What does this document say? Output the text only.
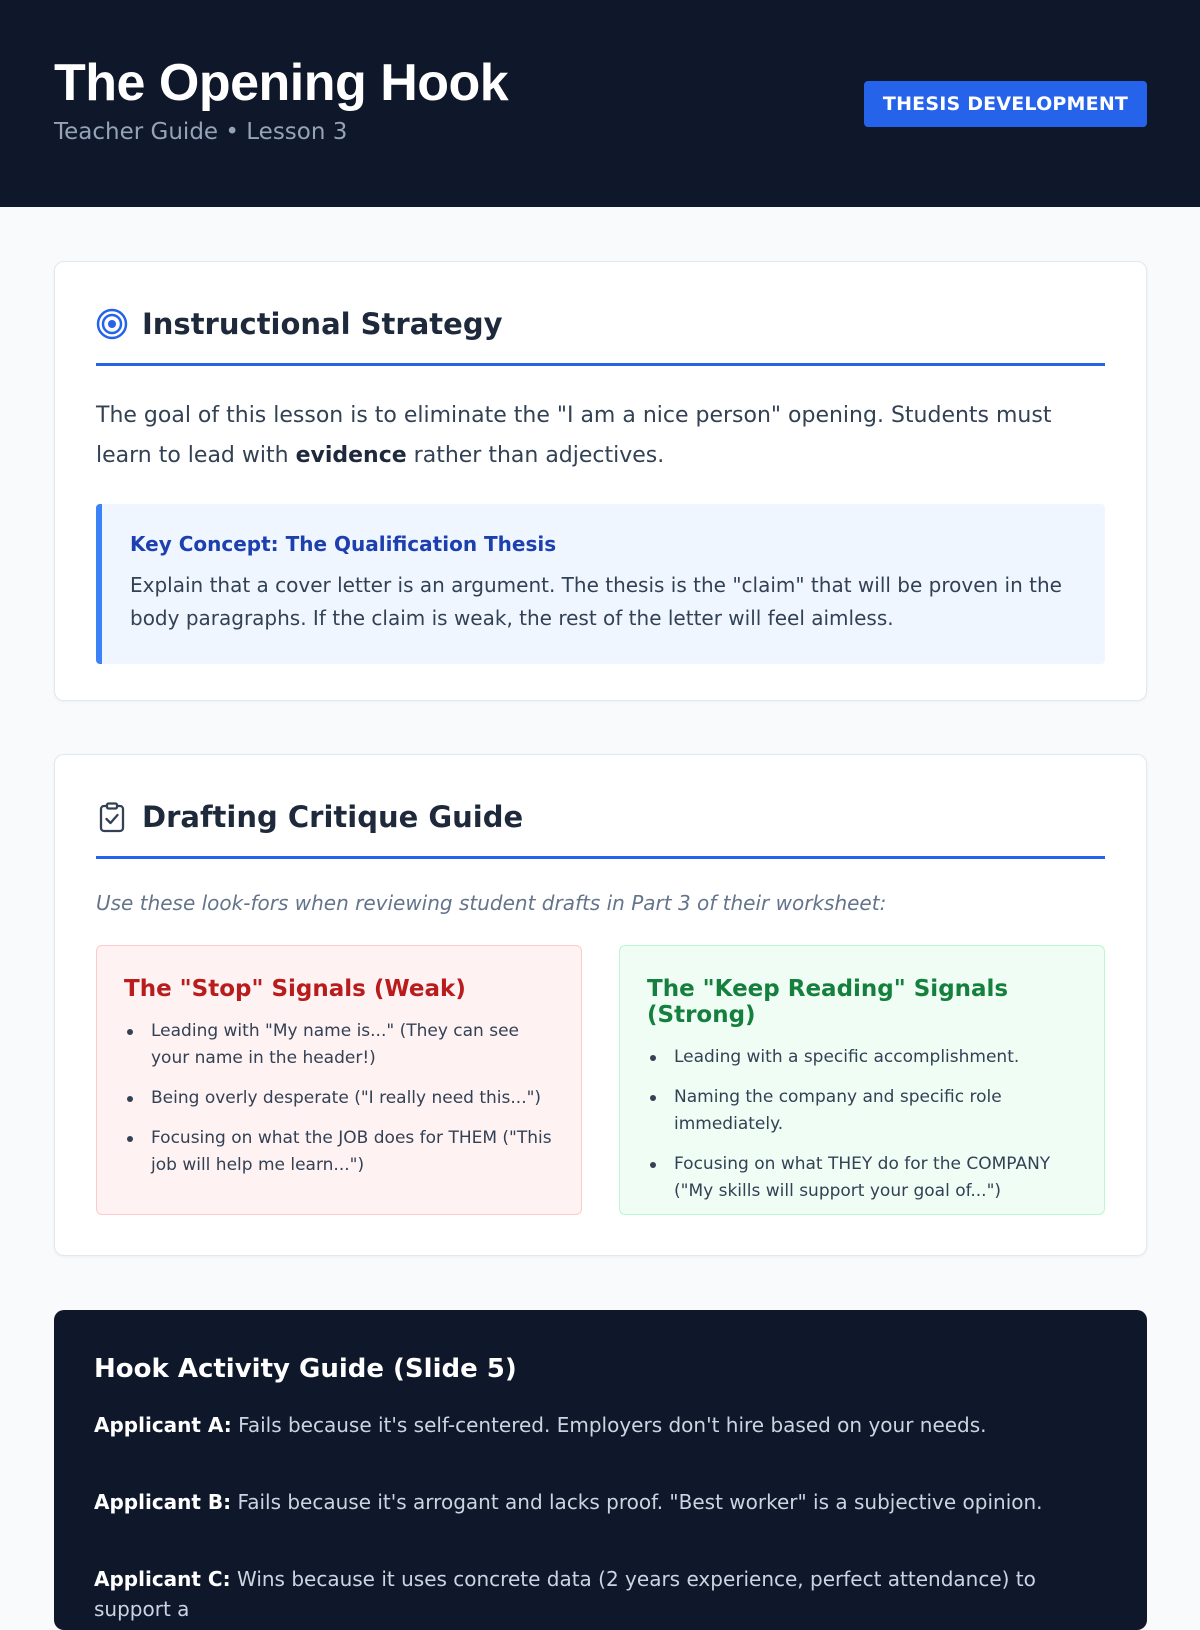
The Opening Hook
Teacher Guide • Lesson 3
THESIS DEVELOPMENT
Instructional Strategy

The goal of this lesson is to eliminate the "I am a nice person" opening. Students must learn to lead with evidence rather than adjectives.

Key Concept: The Qualification Thesis
Explain that a cover letter is an argument. The thesis is the "claim" that will be proven in the body paragraphs. If the claim is weak, the rest of the letter will feel aimless.
Drafting Critique Guide

Use these look-fors when reviewing student drafts in Part 3 of their worksheet:

The "Stop" Signals (Weak)
Leading with "My name is..." (They can see your name in the header!)
Being overly desperate ("I really need this...")
Focusing on what the JOB does for THEM ("This job will help me learn...")
The "Keep Reading" Signals (Strong)
Leading with a specific accomplishment.
Naming the company and specific role immediately.
Focusing on what THEY do for the COMPANY ("My skills will support your goal of...")
Hook Activity Guide (Slide 5)

Applicant A: Fails because it's self-centered. Employers don't hire based on your needs.

Applicant B: Fails because it's arrogant and lacks proof. "Best worker" is a subjective opinion.

Applicant C: Wins because it uses concrete data (2 years experience, perfect attendance) to support a
